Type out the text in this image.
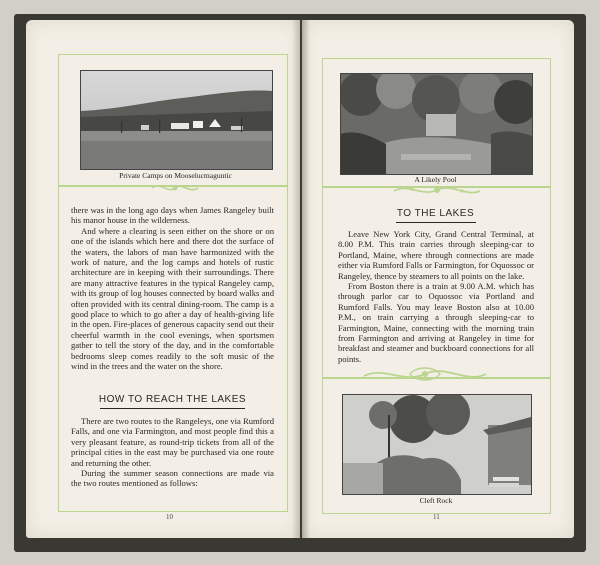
Private Camps on Mooselucmaguntic

there was in the long ago days when James Rangeley built his manor house in the wilderness.

And where a clearing is seen either on the shore or on one of the islands which here and there dot the surface of the waters, the labors of man have harmonized with the work of nature, and the log camps and hotels of rustic architecture are in keeping with their surroundings. There are many attractive features in the typical Rangeley camp, with its group of log houses connected by board walks and often provided with its central dining-room. The camp is a good place to which to go after a day of health-giving life in the open. Fire-places of generous capacity send out their cheerful warmth in the cool evenings, when sportsmen gather to tell the story of the day, and in the comfortable bedrooms sleep comes readily to the soft music of the wind in the trees and the water on the shore.

HOW TO REACH THE LAKES

There are two routes to the Rangeleys, one via Rumford Falls, and one via Farmington, and most people find this a very pleasant feature, as round-trip tickets from all of the principal cities in the east may be purchased via one route and returning the other.

During the summer season connections are made via the two routes mentioned as follows:

10
A Likely Pool
TO THE LAKES

Leave New York City, Grand Central Terminal, at 8.00 P.M. This train carries through sleeping-car to Portland, Maine, where through connections are made either via Rumford Falls or Farmington, for Oquossoc or Rangeley, thence by steamers to all points on the lake.

From Boston there is a train at 9.00 A.M. which has through parlor car to Oquossoc via Portland and Rumford Falls. You may leave Boston also at 10.00 P.M., on train carrying a through sleeping-car to Farmington, Maine, connecting with the morning train from Farmington and arriving at Rangeley in time for breakfast and steamer and buckboard connections for all points.

Cleft Rock
11
